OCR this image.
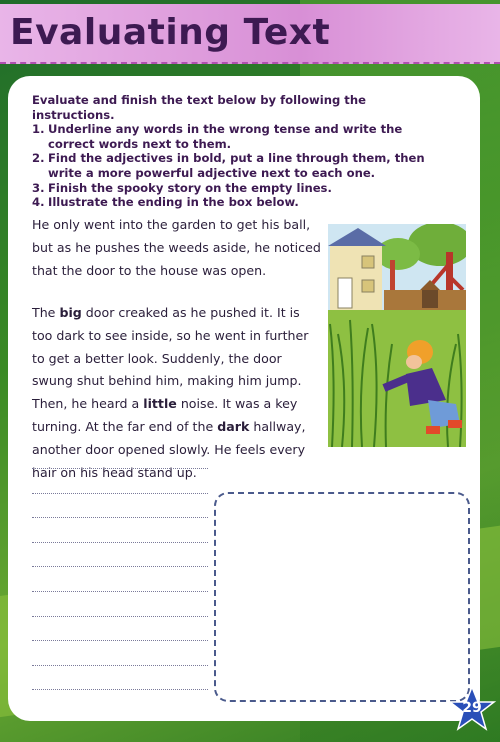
Evaluating Text

Evaluate and finish the text below by following the instructions.

1. Underline any words in the wrong tense and write the correct words next to them.
2. Find the adjectives in bold, put a line through them, then write a more powerful adjective next to each one.
3. Finish the spooky story on the empty lines.
4. Illustrate the ending in the box below.

He only went into the garden to get his ball, but as he pushes the weeds aside, he noticed that the door to the house was open.

The big door creaked as he pushed it. It is too dark to see inside, so he went in further to get a better look. Suddenly, the door swung shut behind him, making him jump. Then, he heard a little noise. It was a key turning. At the far end of the dark hallway, another door opened slowly. He feels every hair on his head stand up.

29
